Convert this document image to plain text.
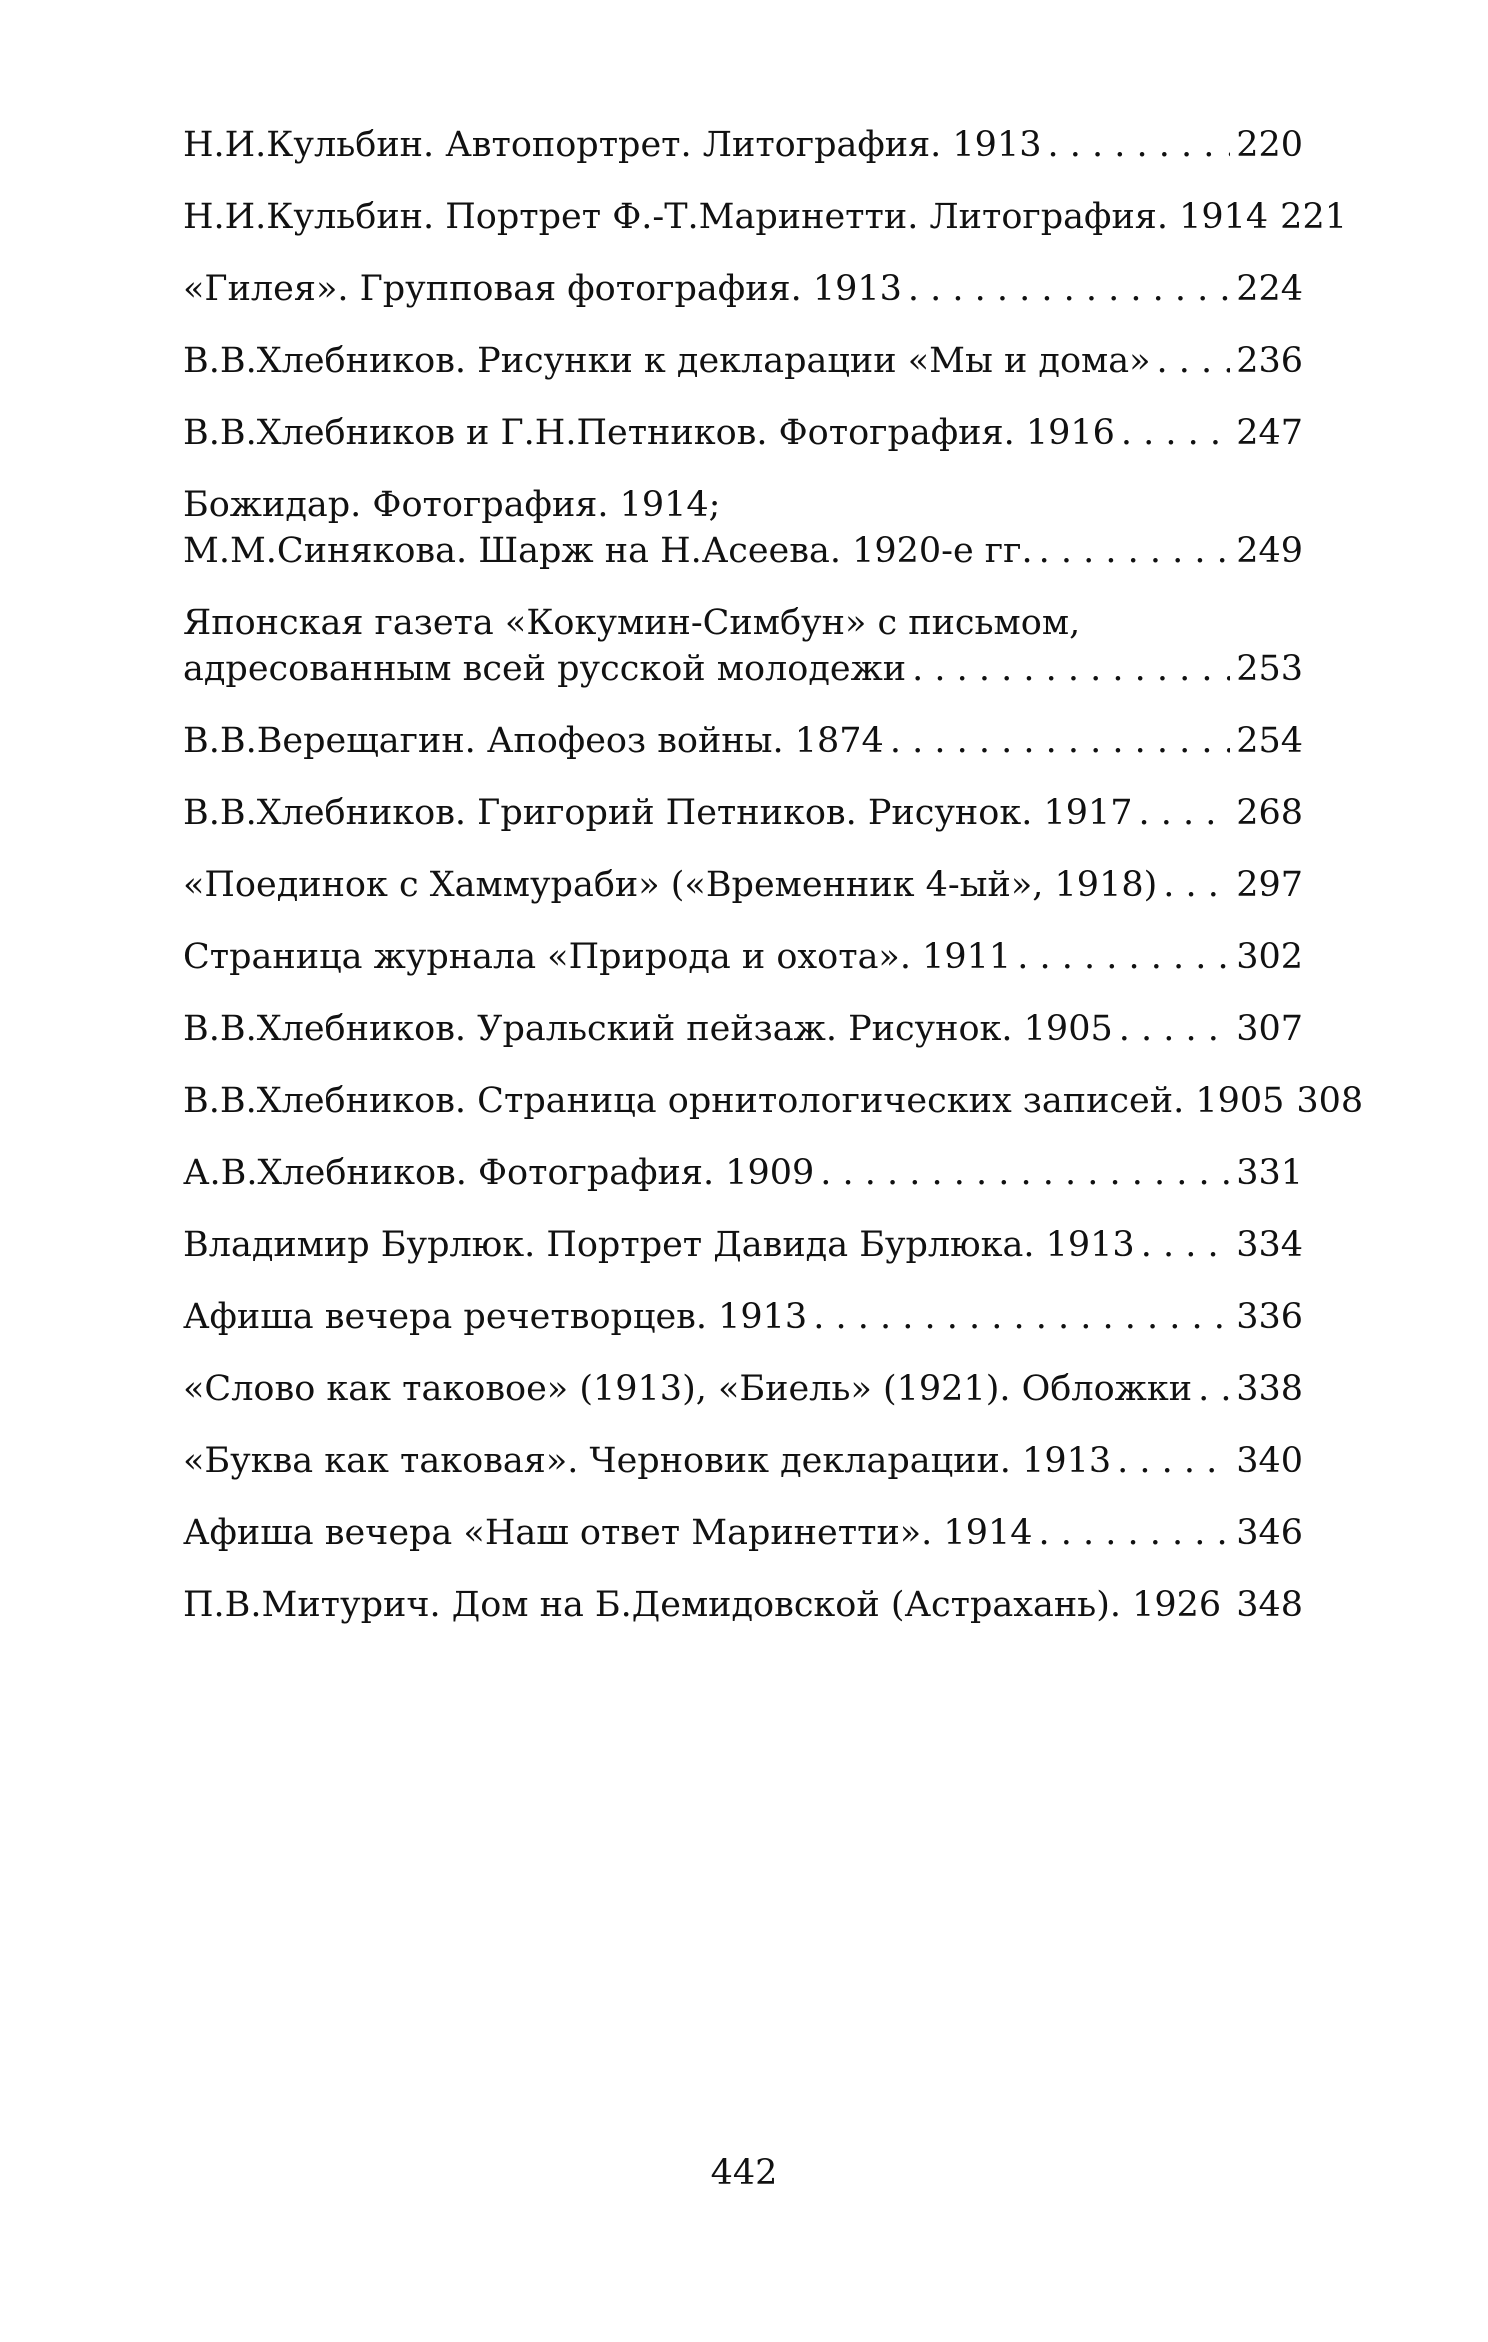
Н.И.Кульбин. Автопортрет. Литография. 1913 . . .	220
Н.И.Кульбин. Портрет Ф.-Т.Маринетти. Литография. 1914 221
«Гилея». Групповая фотография. 1913 . . .	224
В.В.Хлебников. Рисунки к декларации «Мы и дома» . . . 236
В.В.Хлебников и Г.Н.Петников. Фотография. 1916 . . .	247
Божидар. Фотография. 1914;
М.М.Синякова. Шарж на Н.Асеева. 1920-е гг. . . .	249
Японская газета «Кокумин-Симбун» с письмом,
адресованным всей русской молодежи . . .	253
В.В.Верещагин. Апофеоз войны. 1874 . . .	254
В.В.Хлебников. Григорий Петников. Рисунок. 1917 . . .	268
«Поединок с Хаммураби» («Временник 4-ый», 1918) . . . 297
Страница журнала «Природа и охота». 1911 . . .	302
В.В.Хлебников. Уральский пейзаж. Рисунок. 1905 . . .	307
В.В.Хлебников. Страница орнитологических записей. 1905 308
А.В.Хлебников. Фотография. 1909 . . .	331
Владимир Бурлюк. Портрет Давида Бурлюка. 1913 . . .	334
Афиша вечера речетворцев. 1913 . . .	336
«Слово как таковое» (1913), «Биель» (1921). Обложки . . . 338
«Буква как таковая». Черновик декларации. 1913 . . .	340
Афиша вечера «Наш ответ Маринетти». 1914 . . .	346
П.В.Митурич. Дом на Б.Демидовской (Астрахань). 1926 . . . 348
442
